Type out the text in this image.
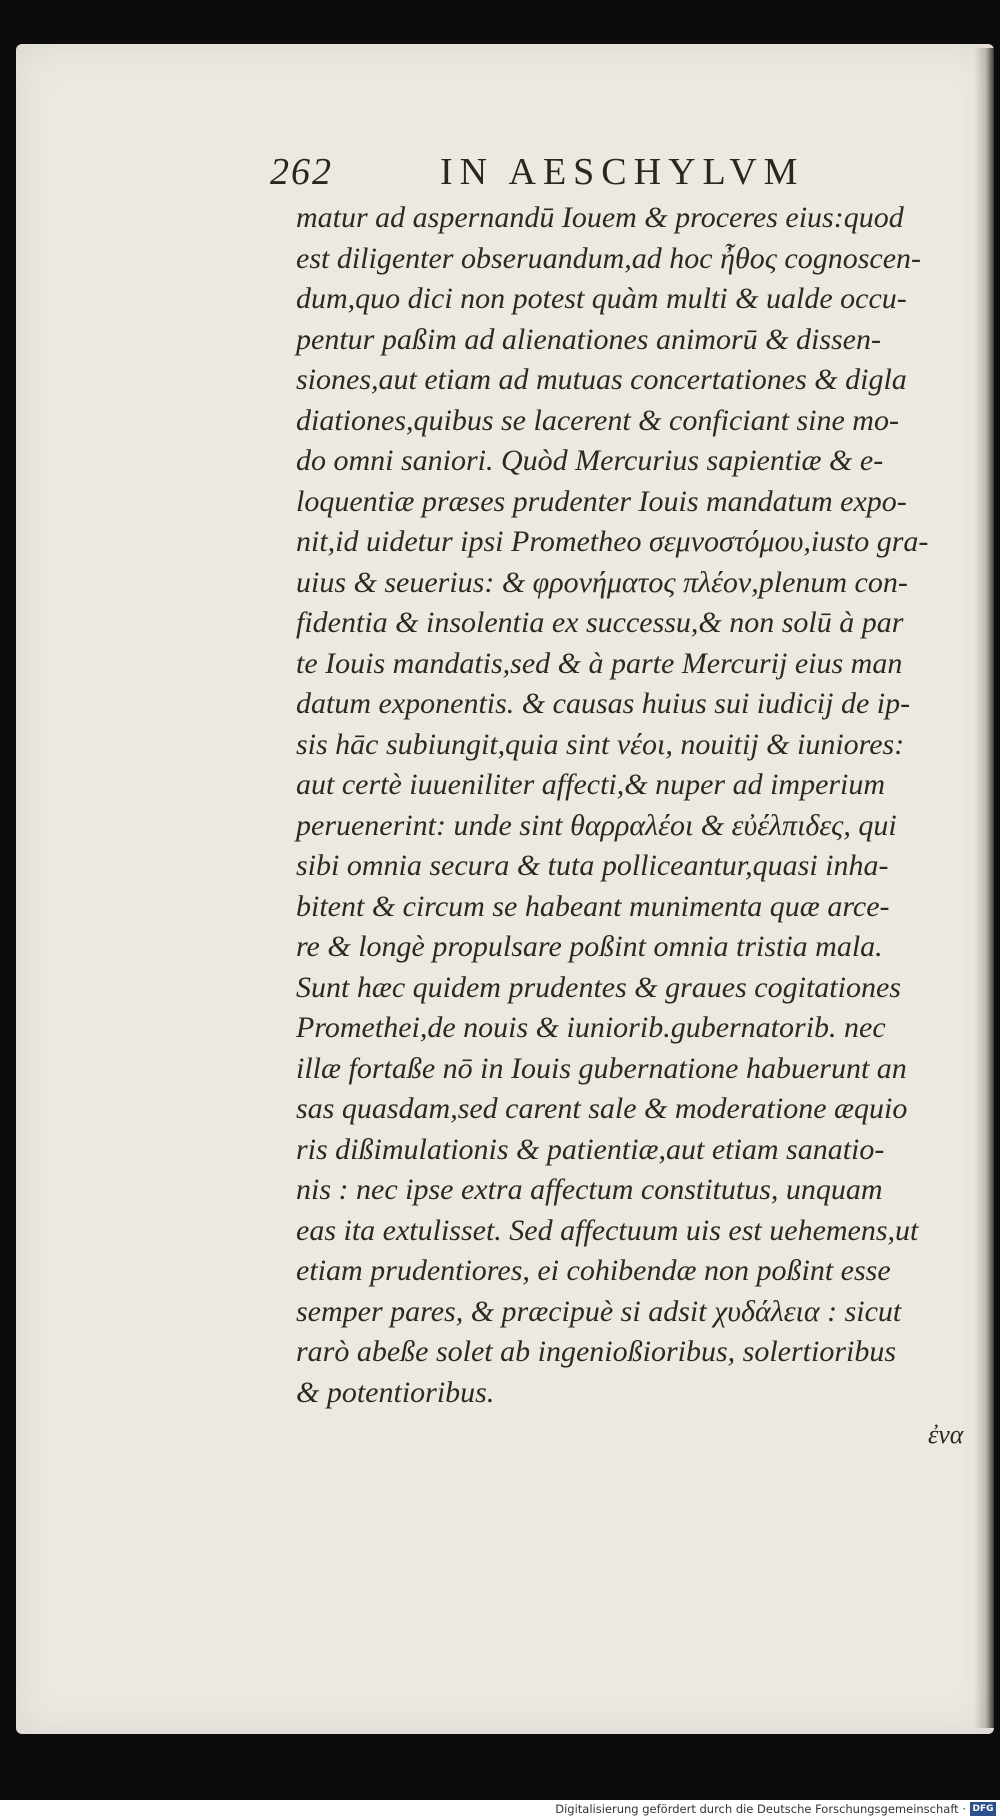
262	IN AESCHYLVM
matur ad aspernandū Iouem & proceres eius:quod
est diligenter obseruandum,ad hoc ἦθος cognoscen-
dum,quo dici non potest quàm multi & ualde occu-
pentur paßim ad alienationes animorū & dissen-
siones,aut etiam ad mutuas concertationes & digla
diationes,quibus se lacerent & conficiant sine mo-
do omni saniori. Quòd Mercurius sapientiæ & e-
loquentiæ præses prudenter Iouis mandatum expo-
nit,id uidetur ipsi Prometheo σεμνοστόμου,iusto gra-
uius & seuerius: & φρονήματος πλέον,plenum con-
fidentia & insolentia ex successu,& non solū à par
te Iouis mandatis,sed & à parte Mercurij eius man
datum exponentis. & causas huius sui iudicij de ip-
sis hāc subiungit,quia sint νέοι, nouitij & iuniores:
aut certè iuueniliter affecti,& nuper ad imperium
peruenerint: unde sint θαρραλέοι & εὐέλπιδες, qui
sibi omnia secura & tuta polliceantur,quasi inha-
bitent & circum se habeant munimenta quæ arce-
re & longè propulsare poßint omnia tristia mala.
Sunt hæc quidem prudentes & graues cogitationes
Promethei,de nouis & iuniorib.gubernatorib. nec
illæ fortaße nō in Iouis gubernatione habuerunt an
sas quasdam,sed carent sale & moderatione æquio
ris dißimulationis & patientiæ,aut etiam sanatio-
nis : nec ipse extra affectum constitutus, unquam
eas ita extulisset. Sed affectuum uis est uehemens,ut
etiam prudentiores, ei cohibendæ non poßint esse
semper pares, & præcipuè si adsit χυδάλεια : sicut
rarò abeße solet ab ingenioßioribus, solertioribus
& potentioribus.
ἐνα
Digitalisierung gefördert durch die Deutsche Forschungsgemeinschaft · DFG
